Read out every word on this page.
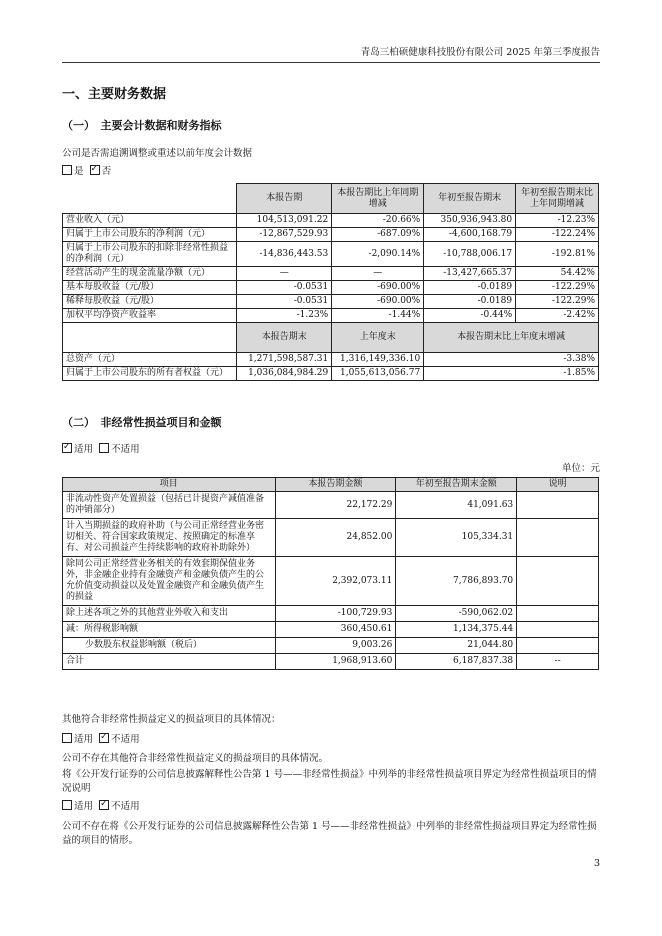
青岛三柏硕健康科技股份有限公司 2025 年第三季度报告
一、主要财务数据
（一）　主要会计数据和财务指标
公司是否需追溯调整或重述以前年度会计数据
是 ✓ 否
	本报告期	本报告期比上年同期增减	年初至报告期末	年初至报告期末比上年同期增减
营业收入（元）	104,513,091.22	-20.66%	350,936,943.80	-12.23%
归属于上市公司股东的净利润（元）	-12,867,529.93	-687.09%	-4,600,168.79	-122.24%
归属于上市公司股东的扣除非经常性损益的净利润（元）	-14,836,443.53	-2,090.14%	-10,788,006.17	-192.81%
经营活动产生的现金流量净额（元）	—	—	-13,427,665.37	54.42%
基本每股收益（元/股）	-0.0531	-690.00%	-0.0189	-122.29%
稀释每股收益（元/股）	-0.0531	-690.00%	-0.0189	-122.29%
加权平均净资产收益率	-1.23%	-1.44%	-0.44%	-2.42%
	本报告期末	上年度末	本报告期末比上年度末增减	
总资产（元）	1,271,598,587.31	1,316,149,336.10	-3.38%	
归属于上市公司股东的所有者权益（元）	1,036,084,984.29	1,055,613,056.77	-1.85%	
（二）　非经常性损益项目和金额
✓适用 不适用
单位：元
项目	本报告期金额	年初至报告期末金额	说明
非流动性资产处置损益（包括已计提资产减值准备的冲销部分）	22,172.29	41,091.63	
计入当期损益的政府补助（与公司正常经营业务密切相关、符合国家政策规定、按照确定的标准享有、对公司损益产生持续影响的政府补助除外）	24,852.00	105,334.31	
除同公司正常经营业务相关的有效套期保值业务外，非金融企业持有金融资产和金融负债产生的公允价值变动损益以及处置金融资产和金融负债产生的损益	2,392,073.11	7,786,893.70	
除上述各项之外的其他营业外收入和支出	-100,729.93	-590,062.02	
减：所得税影响额	360,450.61	1,134,375.44	
少数股东权益影响额（税后）	9,003.26	21,044.80	
合计	1,968,913.60	6,187,837.38	--
其他符合非经常性损益定义的损益项目的具体情况：
适用 ✓ 不适用
公司不存在其他符合非经常性损益定义的损益项目的具体情况。
将《公开发行证券的公司信息披露解释性公告第 1 号——非经常性损益》中列举的非经常性损益项目界定为经常性损益项目的情况说明
适用 ✓ 不适用
公司不存在将《公开发行证券的公司信息披露解释性公告第 1 号——非经常性损益》中列举的非经常性损益项目界定为经常性损益的项目的情形。
3
